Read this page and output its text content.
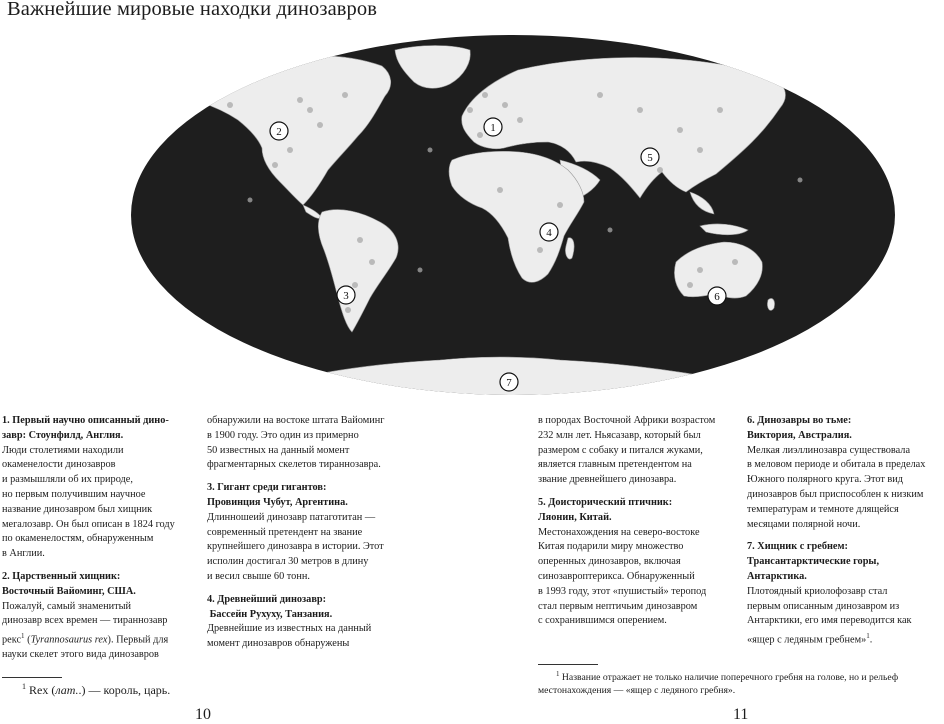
Важнейшие мировые находки динозавров
1
2
3
4
5
6
7

1. Первый научно описанный дино-
завр: Стоунфилд, Англия.
Люди столетиями находили
окаменелости динозавров
и размышляли об их природе,
но первым получившим научное
название динозавром был хищник
мегалозавр. Он был описан в 1824 году
по окаменелостям, обнаруженным
в Англии.

2. Царственный хищник:
Восточный Вайоминг, США.
Пожалуй, самый знаменитый
динозавр всех времен — тираннозавр
рекс$^1$ (Tyrannosaurus rex). Первый для
науки скелет этого вида динозавров

обнаружили на востоке штата Вайоминг
в 1900 году. Это один из примерно
50 известных на данный момент
фрагментарных скелетов тираннозавра.

3. Гигант среди гигантов:
Провинция Чубут, Аргентина.
Длинношеий динозавр патаготитан —
современный претендент на звание
крупнейшего динозавра в истории. Этот
исполин достигал 30 метров в длину
и весил свыше 60 тонн.

4. Древнейший динозавр:
Бассейн Рухуху, Танзания.
Древнейшие из известных на данный
момент динозавров обнаружены

в породах Восточной Африки возрастом
232 млн лет. Ньясазавр, который был
размером с собаку и питался жуками,
является главным претендентом на
звание древнейшего динозавра.

5. Доисторический птичник:
Ляонин, Китай.
Местонахождения на северо-востоке
Китая подарили миру множество
оперенных динозавров, включая
синозавроптерикса. Обнаруженный
в 1993 году, этот «пушистый» теропод
стал первым нептичьим динозавром
с сохранившимся оперением.

6. Динозавры во тьме:
Виктория, Австралия.
Мелкая лиэллинозавра существовала
в меловом периоде и обитала в пределах
Южного полярного круга. Этот вид
динозавров был приспособлен к низким
температурам и темноте длящейся
месяцами полярной ночи.

7. Хищник с гребнем:
Трансантарктические горы,
Антарктика.
Плотоядный криолофозавр стал
первым описанным динозавром из
Антарктики, его имя переводится как
«ящер с ледяным гребнем»$^1$.

$^1$ Rex (лат..) — король, царь.
$^1$ Название отражает не только наличие поперечного гребня на голове, но и рельеф
местонахождения — «ящер с ледяного гребня».
10	11
